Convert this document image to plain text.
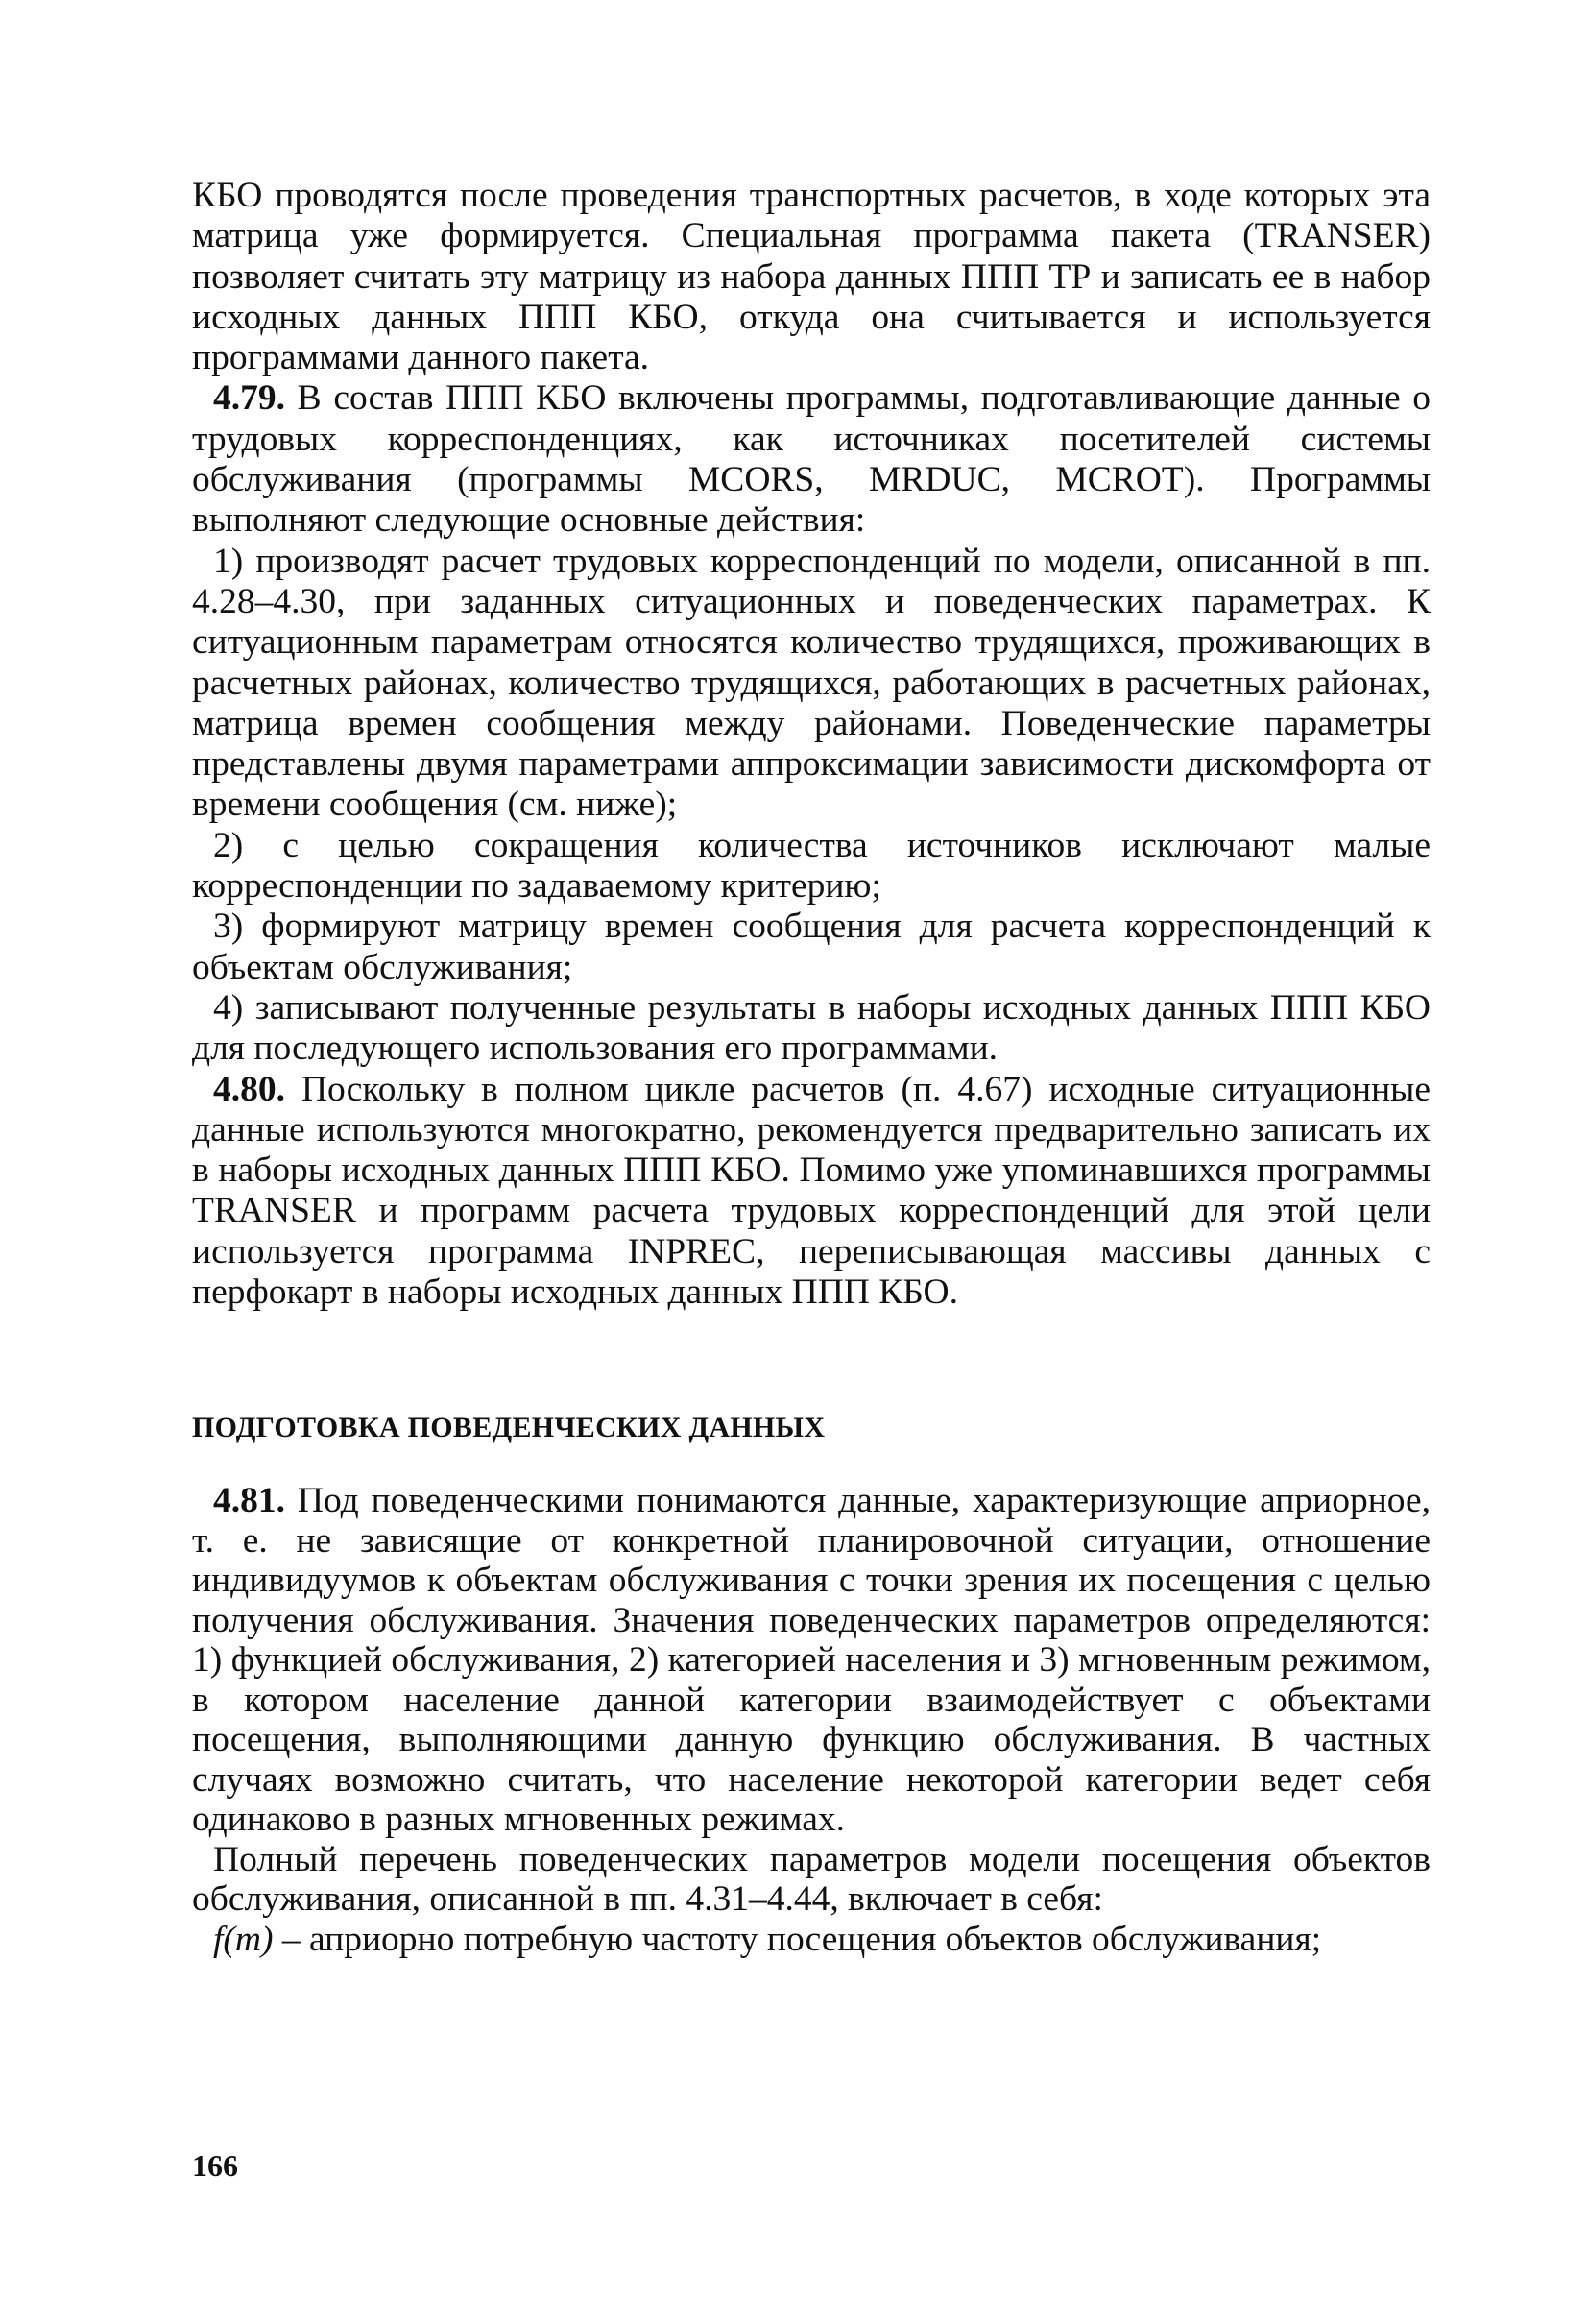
КБО проводятся после проведения транспортных расчетов, в ходе которых эта матрица уже формируется. Специальная программа пакета (TRANSER) позволяет считать эту матрицу из набора данных ППП ТР и записать ее в набор исходных данных ППП КБО, откуда она считывается и используется программами данного пакета.

4.79. В состав ППП КБО включены программы, подготавливающие данные о трудовых корреспонденциях, как источниках посетителей системы обслуживания (программы MCORS, MRDUC, MCROT). Программы выполняют следующие основные действия:

1) производят расчет трудовых корреспонденций по модели, описанной в пп. 4.28–4.30, при заданных ситуационных и поведенческих параметрах. К ситуационным параметрам относятся количество трудящихся, проживающих в расчетных районах, количество трудящихся, работающих в расчетных районах, матрица времен сообщения между районами. Поведенческие параметры представлены двумя параметрами аппроксимации зависимости дискомфорта от времени сообщения (см. ниже);

2) с целью сокращения количества источников исключают малые корреспонденции по задаваемому критерию;

3) формируют матрицу времен сообщения для расчета корреспонденций к объектам обслуживания;

4) записывают полученные результаты в наборы исходных данных ППП КБО для последующего использования его программами.

4.80. Поскольку в полном цикле расчетов (п. 4.67) исходные ситуационные данные используются многократно, рекомендуется предварительно записать их в наборы исходных данных ППП КБО. Помимо уже упоминавшихся программы TRANSER и программ расчета трудовых корреспонденций для этой цели используется программа INPREC, переписывающая массивы данных с перфокарт в наборы исходных данных ППП КБО.

ПОДГОТОВКА ПОВЕДЕНЧЕСКИХ ДАННЫХ

4.81. Под поведенческими понимаются данные, характеризующие априорное, т. е. не зависящие от конкретной планировочной ситуации, отношение индивидуумов к объектам обслуживания с точки зрения их посещения с целью получения обслуживания. Значения поведенческих параметров определяются: 1) функцией обслуживания, 2) категорией населения и 3) мгновенным режимом, в котором население данной категории взаимодействует с объектами посещения, выполняющими данную функцию обслуживания. В частных случаях возможно считать, что население некоторой категории ведет себя одинаково в разных мгновенных режимах.

Полный перечень поведенческих параметров модели посещения объектов обслуживания, описанной в пп. 4.31–4.44, включает в себя:

f(m) – априорно потребную частоту посещения объектов обслуживания;

166
